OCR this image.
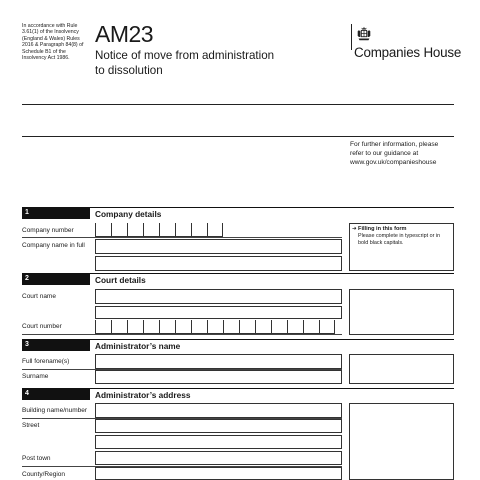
In accordance with Rule 3.61(1) of the Insolvency (England & Wales) Rules 2016 & Paragraph 84(8) of Schedule B1 of the Insolvency Act 1986.
AM23
Notice of move from administration
to dissolution
Companies House
For further information, please
refer to our guidance at
www.gov.uk/companieshouse
1	Company details
Company number
Company name in full
➜ Filling in this form
Please complete in typescript or in
bold black capitals.
2	Court details
Court name
Court number
3	Administrator’s name
Full forename(s)
Surname
4	Administrator’s address
Building name/number
Street
Post town
County/Region
